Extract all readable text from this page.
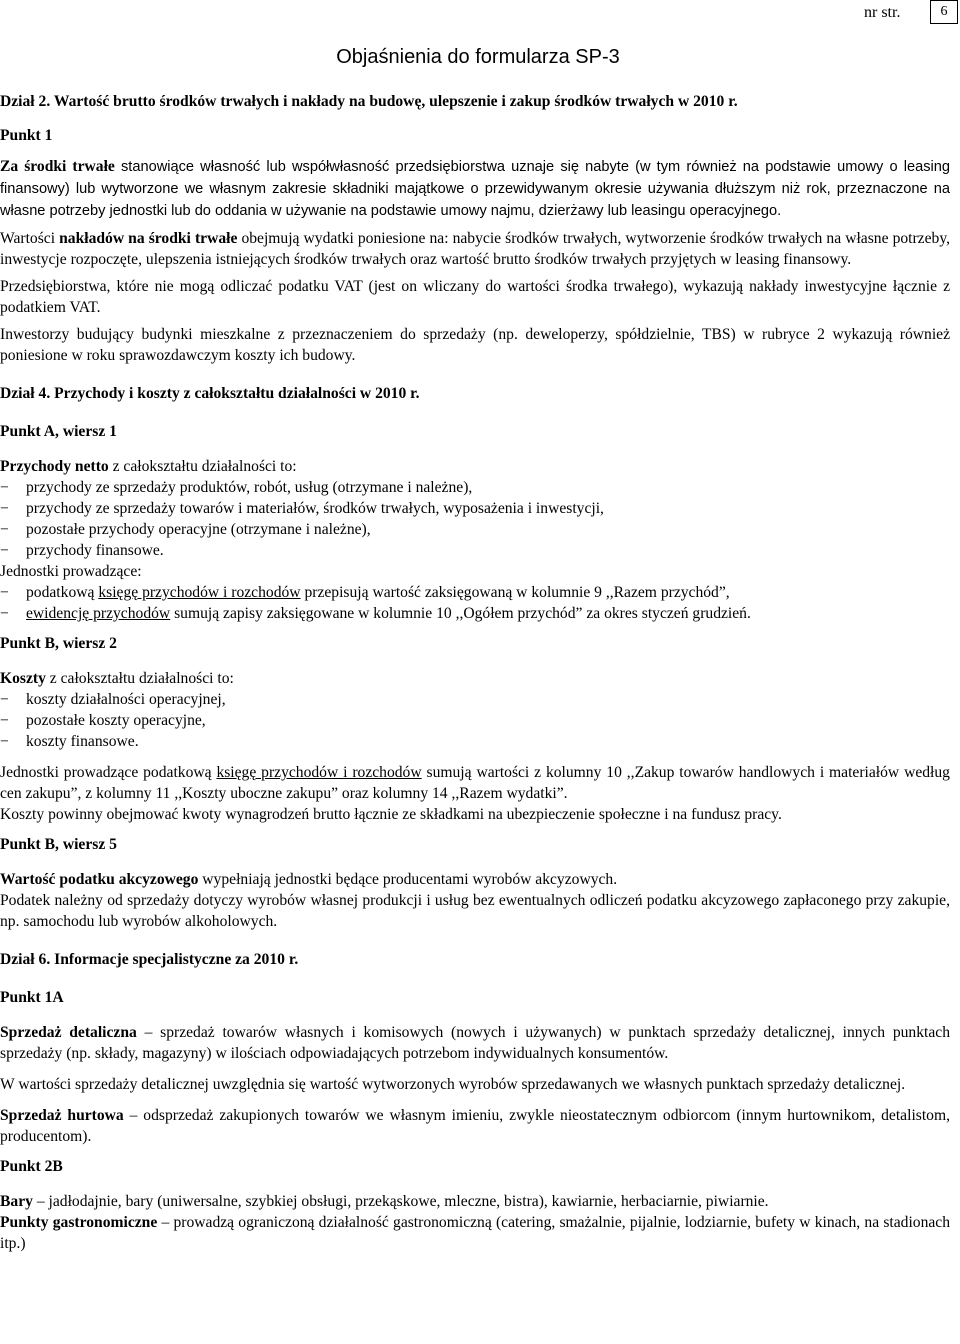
nr str.	6
Objaśnienia do formularza SP-3

Dział 2. Wartość brutto środków trwałych i nakłady na budowę, ulepszenie i zakup środków trwałych w 2010 r.

Punkt 1

Za środki trwałe stanowiące własność lub współwłasność przedsiębiorstwa uznaje się nabyte (w tym również na podstawie umowy o leasing finansowy) lub wytworzone we własnym zakresie składniki majątkowe o przewidywanym okresie używania dłuższym niż rok, przeznaczone na własne potrzeby jednostki lub do oddania w używanie na podstawie umowy najmu, dzierżawy lub leasingu operacyjnego.

Wartości nakładów na środki trwałe obejmują wydatki poniesione na: nabycie środków trwałych, wytworzenie środków trwałych na własne potrzeby, inwestycje rozpoczęte, ulepszenia istniejących środków trwałych oraz wartość brutto środków trwałych przyjętych w leasing finansowy.

Przedsiębiorstwa, które nie mogą odliczać podatku VAT (jest on wliczany do wartości środka trwałego), wykazują nakłady inwestycyjne łącznie z podatkiem VAT.

Inwestorzy budujący budynki mieszkalne z przeznaczeniem do sprzedaży (np. deweloperzy, spółdzielnie, TBS) w rubryce 2 wykazują również poniesione w roku sprawozdawczym koszty ich budowy.

Dział 4. Przychody i koszty z całokształtu działalności w 2010 r.

Punkt A, wiersz 1

Przychody netto z całokształtu działalności to:

− przychody ze sprzedaży produktów, robót, usług (otrzymane i należne),
− przychody ze sprzedaży towarów i materiałów, środków trwałych, wyposażenia i inwestycji,
− pozostałe przychody operacyjne (otrzymane i należne),
− przychody finansowe.

Jednostki prowadzące:

− podatkową księgę przychodów i rozchodów przepisują wartość zaksięgowaną w kolumnie 9 ,,Razem przychód”,
− ewidencję przychodów sumują zapisy zaksięgowane w kolumnie 10 ,,Ogółem przychód” za okres styczeń grudzień.

Punkt B, wiersz 2

Koszty z całokształtu działalności to:

− koszty działalności operacyjnej,
− pozostałe koszty operacyjne,
− koszty finansowe.

Jednostki prowadzące podatkową księgę przychodów i rozchodów sumują wartości z kolumny 10 ,,Zakup towarów handlowych i materiałów według cen zakupu”, z kolumny 11 ,,Koszty uboczne zakupu” oraz kolumny 14 ,,Razem wydatki”.

Koszty powinny obejmować kwoty wynagrodzeń brutto łącznie ze składkami na ubezpieczenie społeczne i na fundusz pracy.

Punkt B, wiersz 5

Wartość podatku akcyzowego wypełniają jednostki będące producentami wyrobów akcyzowych.

Podatek należny od sprzedaży dotyczy wyrobów własnej produkcji i usług bez ewentualnych odliczeń podatku akcyzowego zapłaconego przy zakupie, np. samochodu lub wyrobów alkoholowych.

Dział 6. Informacje specjalistyczne za 2010 r.

Punkt 1A

Sprzedaż detaliczna – sprzedaż towarów własnych i komisowych (nowych i używanych) w punktach sprzedaży detalicznej, innych punktach sprzedaży (np. składy, magazyny) w ilościach odpowiadających potrzebom indywidualnych konsumentów.

W wartości sprzedaży detalicznej uwzględnia się wartość wytworzonych wyrobów sprzedawanych we własnych punktach sprzedaży detalicznej.

Sprzedaż hurtowa – odsprzedaż zakupionych towarów we własnym imieniu, zwykle nieostatecznym odbiorcom (innym hurtownikom, detalistom, producentom).

Punkt 2B

Bary – jadłodajnie, bary (uniwersalne, szybkiej obsługi, przekąskowe, mleczne, bistra), kawiarnie, herbaciarnie, piwiarnie.

Punkty gastronomiczne – prowadzą ograniczoną działalność gastronomiczną (catering, smażalnie, pijalnie, lodziarnie, bufety w kinach, na stadionach itp.)
